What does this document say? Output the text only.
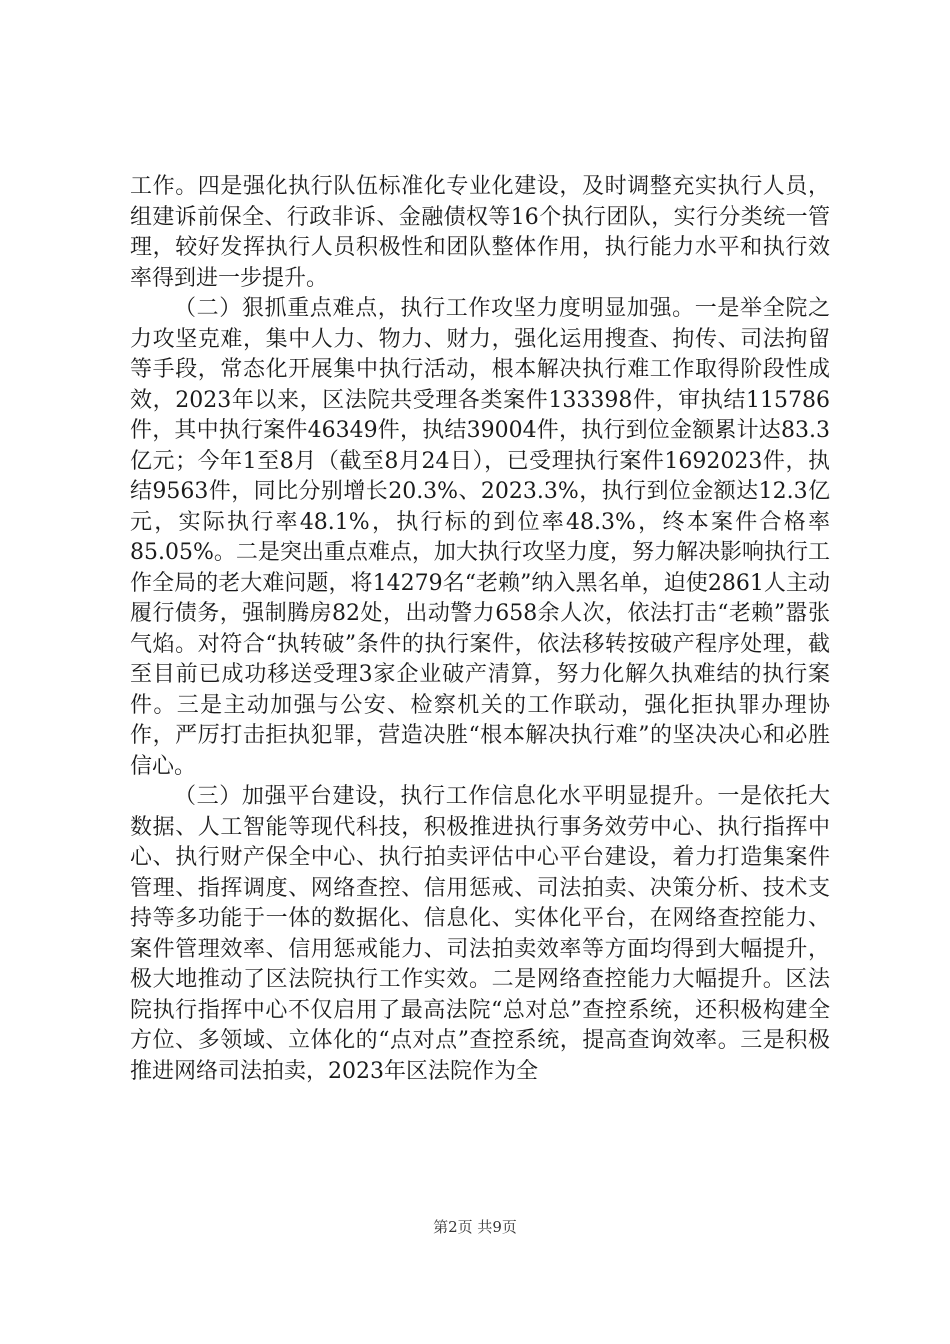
工作。四是强化执行队伍标准化专业化建设，及时调整充实执行人员，组建诉前保全、行政非诉、金融债权等16个执行团队，实行分类统一管理，较好发挥执行人员积极性和团队整体作用，执行能力水平和执行效率得到进一步提升。

（二）狠抓重点难点，执行工作攻坚力度明显加强。一是举全院之力攻坚克难，集中人力、物力、财力，强化运用搜查、拘传、司法拘留等手段，常态化开展集中执行活动，根本解决执行难工作取得阶段性成效，2023年以来，区法院共受理各类案件133398件，审执结115786件，其中执行案件46349件，执结39004件，执行到位金额累计达83.3亿元；今年1至8月（截至8月24日），已受理执行案件1692023件，执结9563件，同比分别增长20.3%、2023.3%，执行到位金额达12.3亿元，实际执行率48.1%，执行标的到位率48.3%，终本案件合格率85.05%。二是突出重点难点，加大执行攻坚力度，努力解决影响执行工作全局的老大难问题，将14279名“老赖”纳入黑名单，迫使2861人主动履行债务，强制腾房82处，出动警力658余人次，依法打击“老赖”嚣张气焰。对符合“执转破”条件的执行案件，依法移转按破产程序处理，截至目前已成功移送受理3家企业破产清算，努力化解久执难结的执行案件。三是主动加强与公安、检察机关的工作联动，强化拒执罪办理协作，严厉打击拒执犯罪，营造决胜“根本解决执行难”的坚决决心和必胜信心。

（三）加强平台建设，执行工作信息化水平明显提升。一是依托大数据、人工智能等现代科技，积极推进执行事务效劳中心、执行指挥中心、执行财产保全中心、执行拍卖评估中心平台建设，着力打造集案件管理、指挥调度、网络查控、信用惩戒、司法拍卖、决策分析、技术支持等多功能于一体的数据化、信息化、实体化平台，在网络查控能力、案件管理效率、信用惩戒能力、司法拍卖效率等方面均得到大幅提升，极大地推动了区法院执行工作实效。二是网络查控能力大幅提升。区法院执行指挥中心不仅启用了最高法院“总对总”查控系统，还积极构建全方位、多领域、立体化的“点对点”查控系统，提高查询效率。三是积极推进网络司法拍卖，2023年区法院作为全

第2页 共9页
